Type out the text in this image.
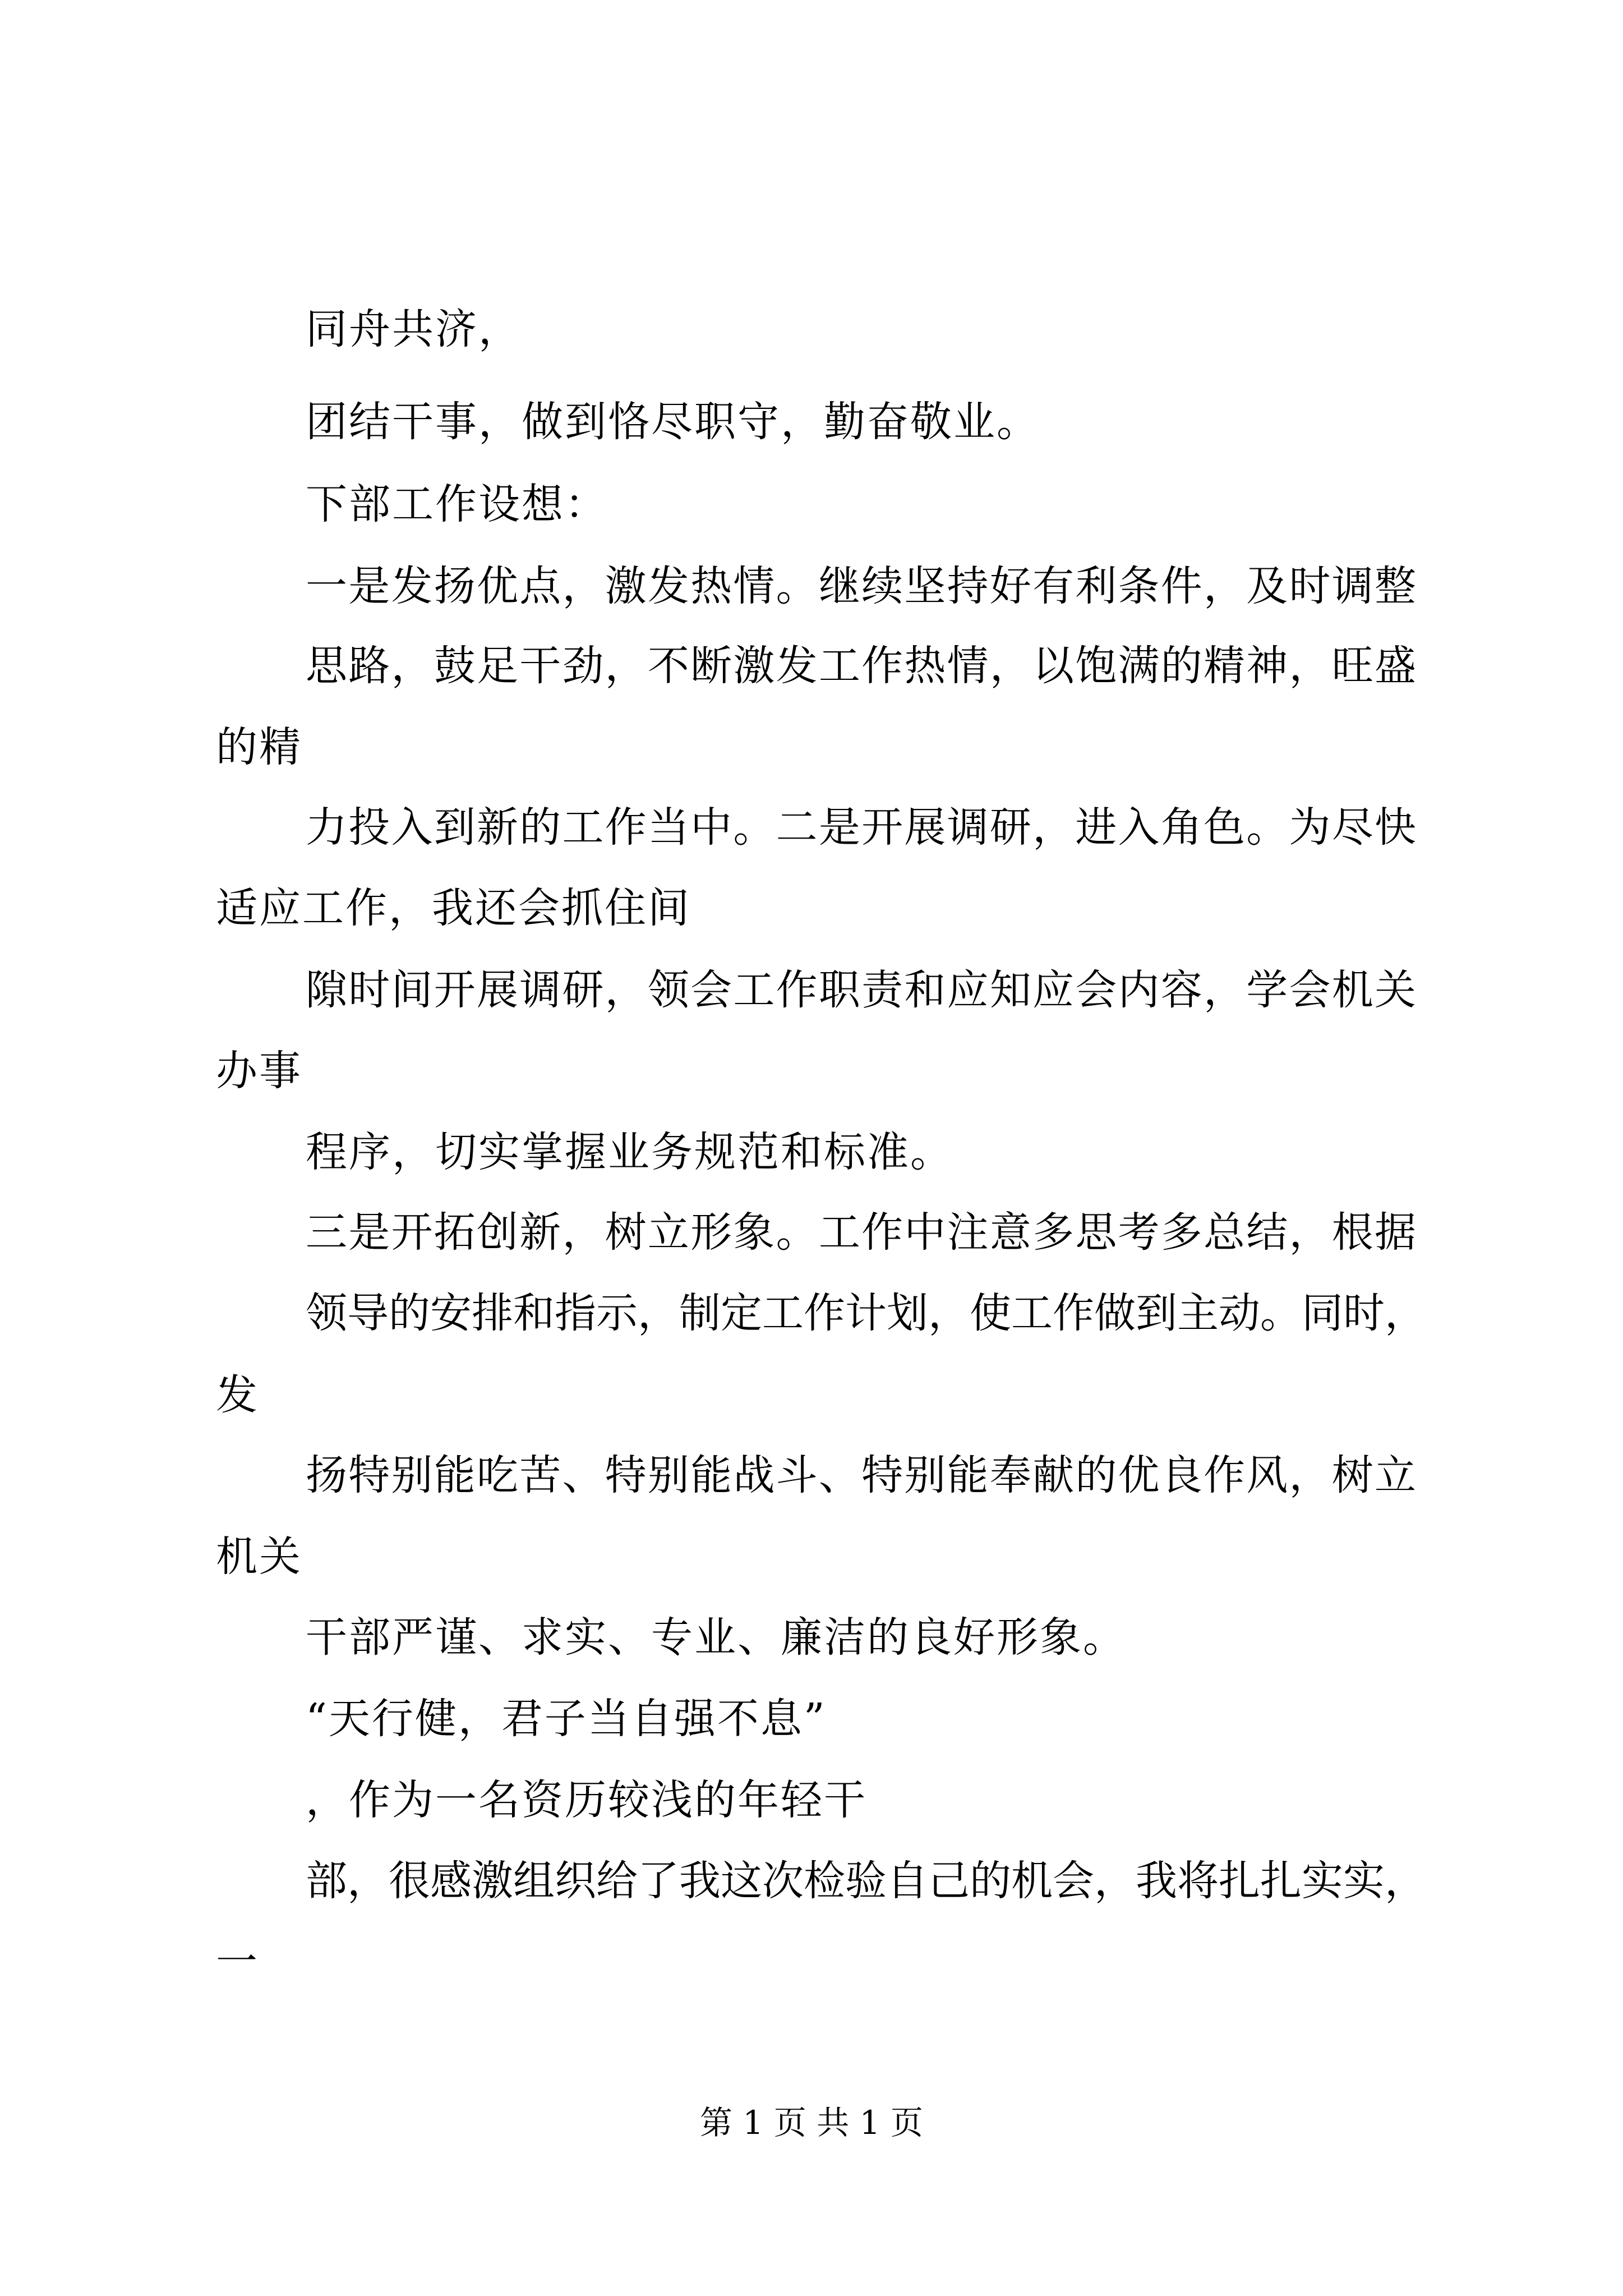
同舟共济，
团结干事，做到恪尽职守，勤奋敬业。
下部工作设想：
一是发扬优点，激发热情。继续坚持好有利条件，及时调整
思路，鼓足干劲，不断激发工作热情，以饱满的精神，旺盛
的精
力投入到新的工作当中。二是开展调研，进入角色。为尽快
适应工作，我还会抓住间
隙时间开展调研，领会工作职责和应知应会内容，学会机关
办事
程序，切实掌握业务规范和标准。
三是开拓创新，树立形象。工作中注意多思考多总结，根据
领导的安排和指示，制定工作计划，使工作做到主动。同时，
发
扬特别能吃苦、特别能战斗、特别能奉献的优良作风，树立
机关
干部严谨、求实、专业、廉洁的良好形象。
“天行健，君子当自强不息”
，作为一名资历较浅的年轻干
部，很感激组织给了我这次检验自己的机会，我将扎扎实实，
一
第 1 页 共 1 页
